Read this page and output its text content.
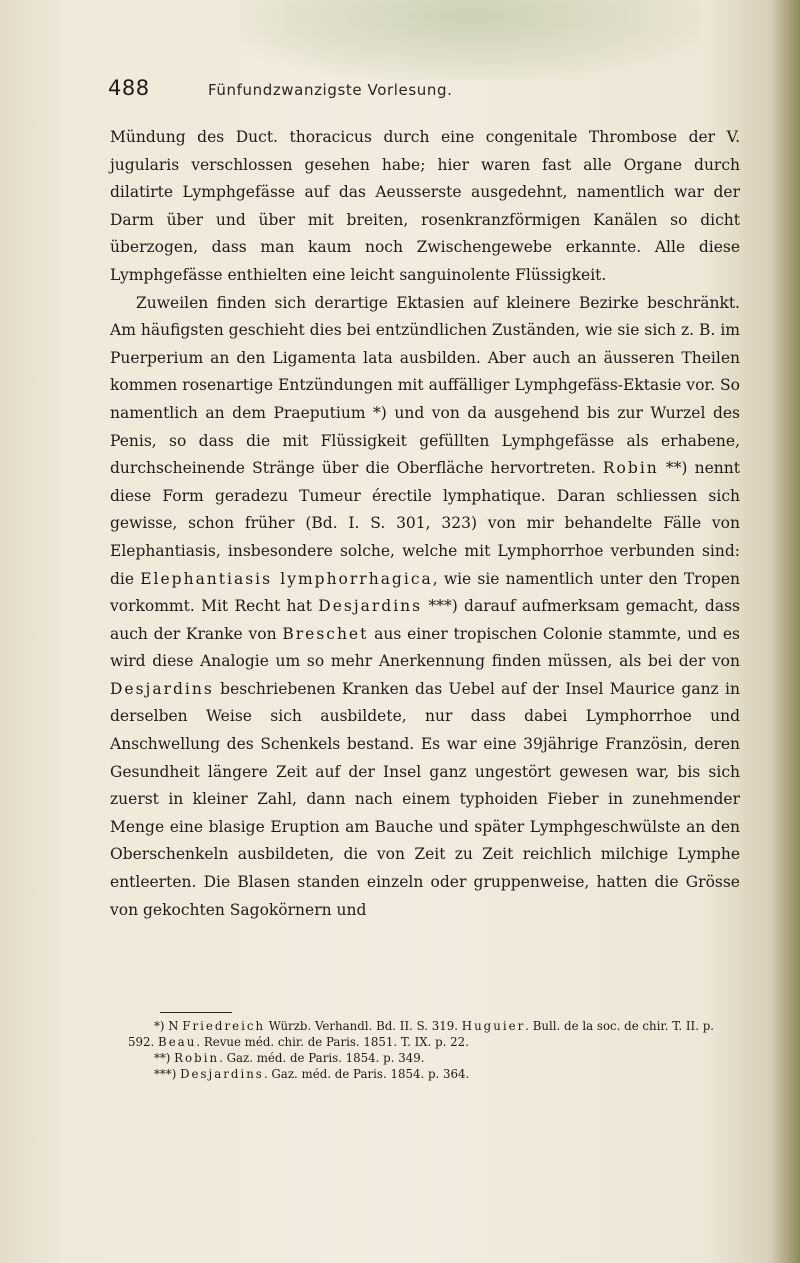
488	Fünfundzwanzigste Vorlesung.

Mündung des Duct. thoracicus durch eine congenitale Thrombose der V. jugularis verschlossen gesehen habe; hier waren fast alle Organe durch dilatirte Lymphgefässe auf das Aeusserste ausgedehnt, namentlich war der Darm über und über mit breiten, rosenkranzförmigen Kanälen so dicht überzogen, dass man kaum noch Zwischengewebe erkannte. Alle diese Lymphgefässe enthielten eine leicht sanguinolente Flüssigkeit.

Zuweilen finden sich derartige Ektasien auf kleinere Bezirke beschränkt. Am häufigsten geschieht dies bei entzündlichen Zuständen, wie sie sich z. B. im Puerperium an den Ligamenta lata ausbilden. Aber auch an äusseren Theilen kommen rosenartige Entzündungen mit auffälliger Lymphgefäss-Ektasie vor. So namentlich an dem Praeputium *) und von da ausgehend bis zur Wurzel des Penis, so dass die mit Flüssigkeit gefüllten Lymphgefässe als erhabene, durchscheinende Stränge über die Oberfläche hervortreten. Robin **) nennt diese Form geradezu Tumeur érectile lymphatique. Daran schliessen sich gewisse, schon früher (Bd. I. S. 301, 323) von mir behandelte Fälle von Elephantiasis, insbesondere solche, welche mit Lymphorrhoe verbunden sind: die Elephantiasis lymphorrhagica, wie sie namentlich unter den Tropen vorkommt. Mit Recht hat Desjardins ***) darauf aufmerksam gemacht, dass auch der Kranke von Breschet aus einer tropischen Colonie stammte, und es wird diese Analogie um so mehr Anerkennung finden müssen, als bei der von Desjardins beschriebenen Kranken das Uebel auf der Insel Maurice ganz in derselben Weise sich ausbildete, nur dass dabei Lymphorrhoe und Anschwellung des Schenkels bestand. Es war eine 39jährige Französin, deren Gesundheit längere Zeit auf der Insel ganz ungestört gewesen war, bis sich zuerst in kleiner Zahl, dann nach einem typhoiden Fieber in zunehmender Menge eine blasige Eruption am Bauche und später Lymphgeschwülste an den Oberschenkeln ausbildeten, die von Zeit zu Zeit reichlich milchige Lymphe entleerten. Die Blasen standen einzeln oder gruppenweise, hatten die Grösse von gekochten Sagokörnern und

*) N Friedreich Würzb. Verhandl. Bd. II. S. 319. Huguier. Bull. de la soc. de chir. T. II. p. 592. Beau. Revue méd. chir. de Paris. 1851. T. IX. p. 22.

**) Robin. Gaz. méd. de Paris. 1854. p. 349.

***) Desjardins. Gaz. méd. de Paris. 1854. p. 364.
